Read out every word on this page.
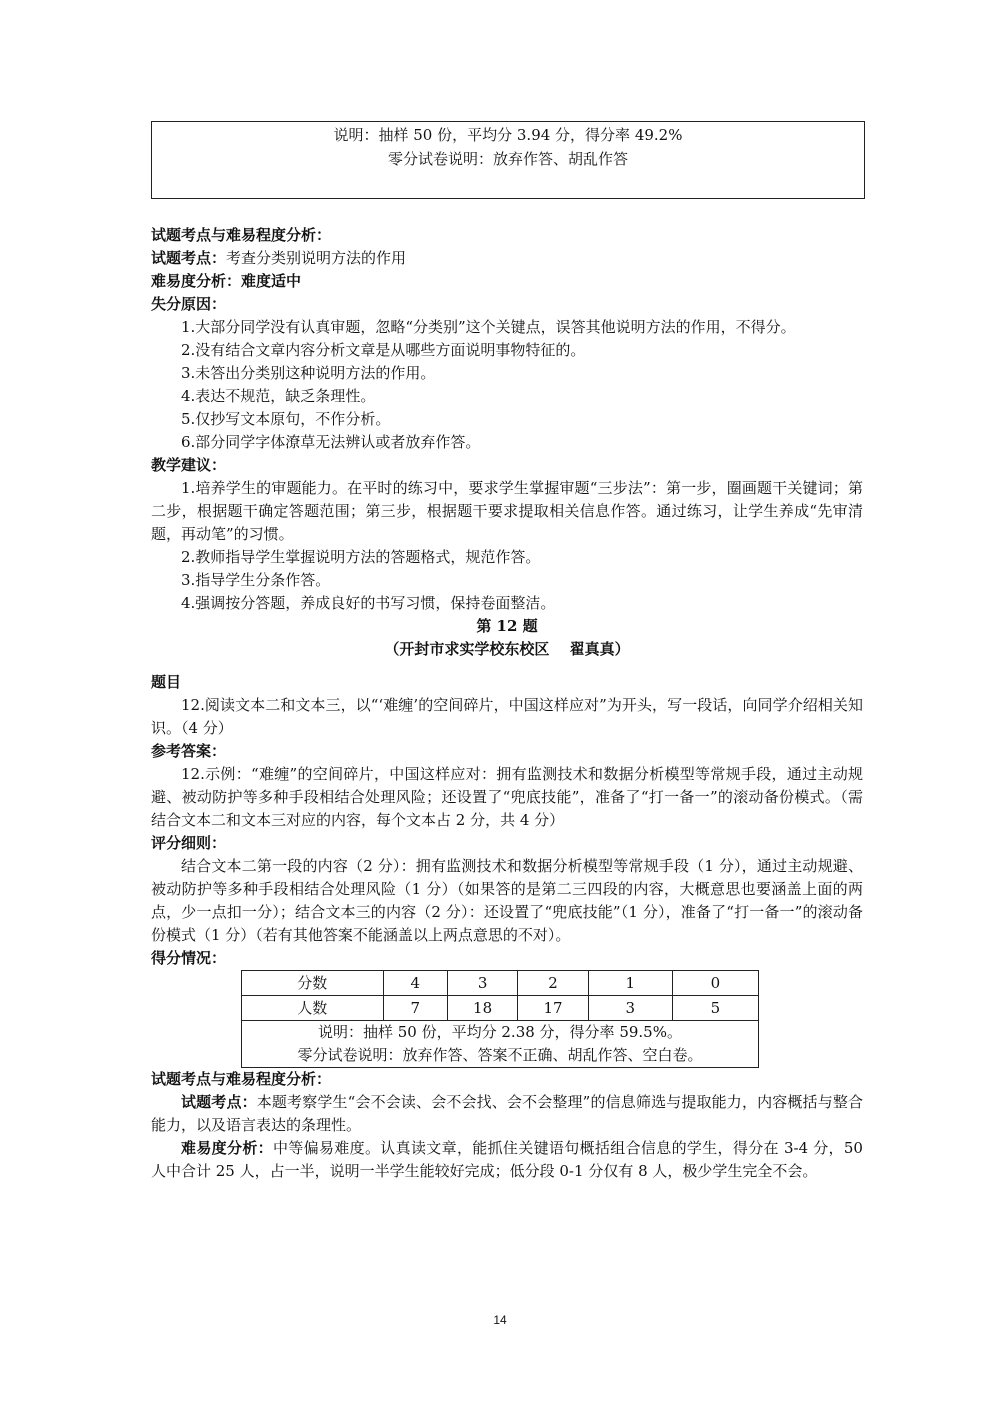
说明：抽样 50 份，平均分 3.94 分，得分率 49.2%
零分试卷说明：放弃作答、胡乱作答

试题考点与难易程度分析：

试题考点：考查分类别说明方法的作用

难易度分析：难度适中

失分原因：

1.大部分同学没有认真审题，忽略“分类别”这个关键点，误答其他说明方法的作用，不得分。

2.没有结合文章内容分析文章是从哪些方面说明事物特征的。

3.未答出分类别这种说明方法的作用。

4.表达不规范，缺乏条理性。

5.仅抄写文本原句，不作分析。

6.部分同学字体潦草无法辨认或者放弃作答。

教学建议：

1.培养学生的审题能力。在平时的练习中，要求学生掌握审题“三步法”：第一步，圈画题干关键词；第二步，根据题干确定答题范围；第三步，根据题干要求提取相关信息作答。通过练习，让学生养成“先审清题，再动笔”的习惯。

2.教师指导学生掌握说明方法的答题格式，规范作答。

3.指导学生分条作答。

4.强调按分答题，养成良好的书写习惯，保持卷面整洁。

第 12 题

（开封市求实学校东校区　 翟真真）

题目

12.阅读文本二和文本三，以“‘难缠’的空间碎片，中国这样应对”为开头，写一段话，向同学介绍相关知识。（4 分）

参考答案：

12.示例：“难缠”的空间碎片，中国这样应对：拥有监测技术和数据分析模型等常规手段，通过主动规避、被动防护等多种手段相结合处理风险；还设置了“兜底技能”，准备了“打一备一”的滚动备份模式。（需结合文本二和文本三对应的内容，每个文本占 2 分，共 4 分）

评分细则：

结合文本二第一段的内容（2 分）：拥有监测技术和数据分析模型等常规手段（1 分），通过主动规避、被动防护等多种手段相结合处理风险（1 分）（如果答的是第二三四段的内容，大概意思也要涵盖上面的两点，少一点扣一分）；结合文本三的内容（2 分）：还设置了“兜底技能”（1 分），准备了“打一备一”的滚动备份模式（1 分）（若有其他答案不能涵盖以上两点意思的不对）。

得分情况：

分数	4	3	2	1	0
人数	7	18	17	3	5

说明：抽样 50 份，平均分 2.38 分，得分率 59.5%。
零分试卷说明：放弃作答、答案不正确、胡乱作答、空白卷。					

试题考点与难易程度分析：

试题考点：本题考察学生“会不会读、会不会找、会不会整理”的信息筛选与提取能力，内容概括与整合能力，以及语言表达的条理性。

难易度分析：中等偏易难度。认真读文章，能抓住关键语句概括组合信息的学生，得分在 3-4 分，50 人中合计 25 人，占一半，说明一半学生能较好完成；低分段 0-1 分仅有 8 人，极少学生完全不会。

14
